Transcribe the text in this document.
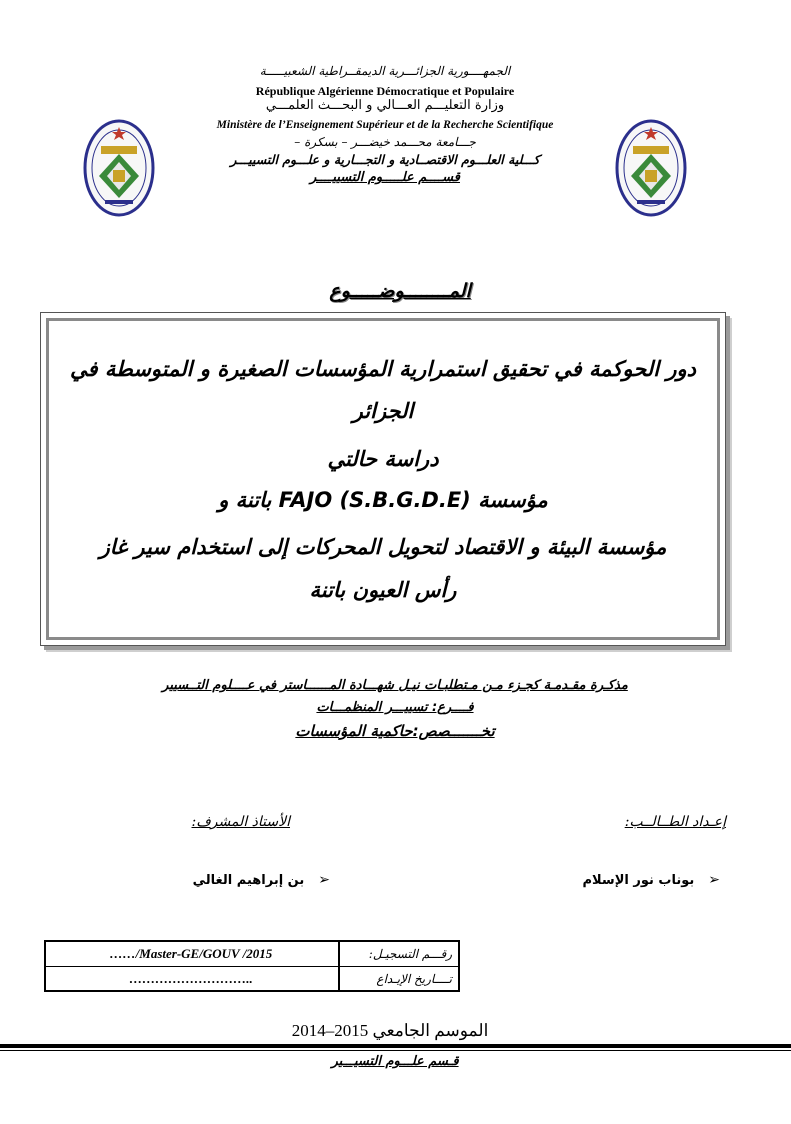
الجمهــــورية الجزائـــرية الديمقــراطية الشعبيـــــة
République Algérienne Démocratique et Populaire
وزارة التعليـــم العـــالي و البحـــث العلمـــي
Ministère de l’Enseignement Supérieur et de la Recherche Scientifique
جـــامعة محـــمد خيضـــر – بسكرة –
كـــلية العلـــوم الاقتصــادية و التجـــارية و علـــوم التسييـــر
قســــم علـــــوم التسييــــر
المــــــــوضـــــوع
دور الحوكمة في تحقيق استمرارية المؤسسات الصغيرة و المتوسطة في
الجزائر
دراسة حالتي
مؤسسة FAJO (S.B.G.D.E) باتنة و
مؤسسة البيئة و الاقتصاد لتحويل المحركات إلى استخدام سير غاز
رأس العيون باتنة
مذكـرة مقـدمـة كجـزء مـن مـتطلبـات نيـل شهـــادة المــــــاستر في عــــلوم التــسيير
فــــرع: تسييـــر المنظمـــات
تخـــــــصص:حاكمية المؤسسات
إعـداد الطــالــب:
الأستاذ المشرف:
➢بوناب نور الإسلام
➢بن إبراهيم الغالي
رقـــم التسجيـل:
……/Master-GE/GOUV /2015
تــــاريخ الإيـداع
………………………..
الموسم الجامعي 2015–2014
قـسم علـــوم التسيـــير
